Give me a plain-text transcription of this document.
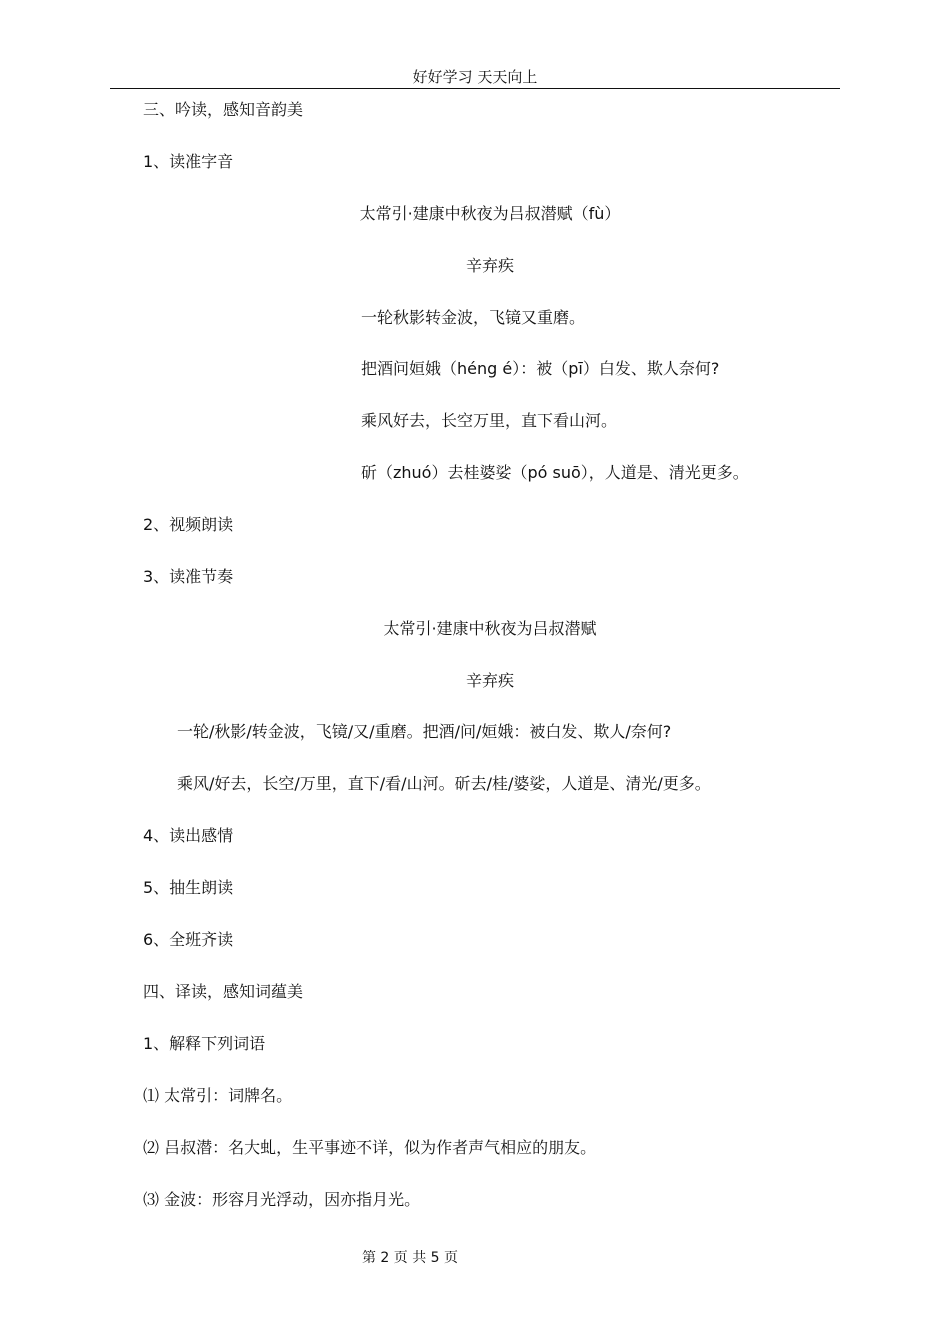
好好学习 天天向上
三、吟读，感知音韵美
1、读准字音
太常引·建康中秋夜为吕叔潜赋（fù）
辛弃疾
一轮秋影转金波，飞镜又重磨。
把酒问姮娥（héng é）：被（pī）白发、欺人奈何?
乘风好去，长空万里，直下看山河。
斫（zhuó）去桂婆娑（pó suō），人道是、清光更多。
2、视频朗读
3、读准节奏
太常引·建康中秋夜为吕叔潜赋
辛弃疾
一轮/秋影/转金波，飞镜/又/重磨。把酒/问/姮娥：被白发、欺人/奈何?
乘风/好去，长空/万里，直下/看/山河。斫去/桂/婆娑，人道是、清光/更多。
4、读出感情
5、抽生朗读
6、全班齐读
四、译读，感知词蕴美
1、解释下列词语
⑴ 太常引：词牌名。
⑵ 吕叔潜：名大虬，生平事迹不详，似为作者声气相应的朋友。
⑶ 金波：形容月光浮动，因亦指月光。
第 2 页 共 5 页
